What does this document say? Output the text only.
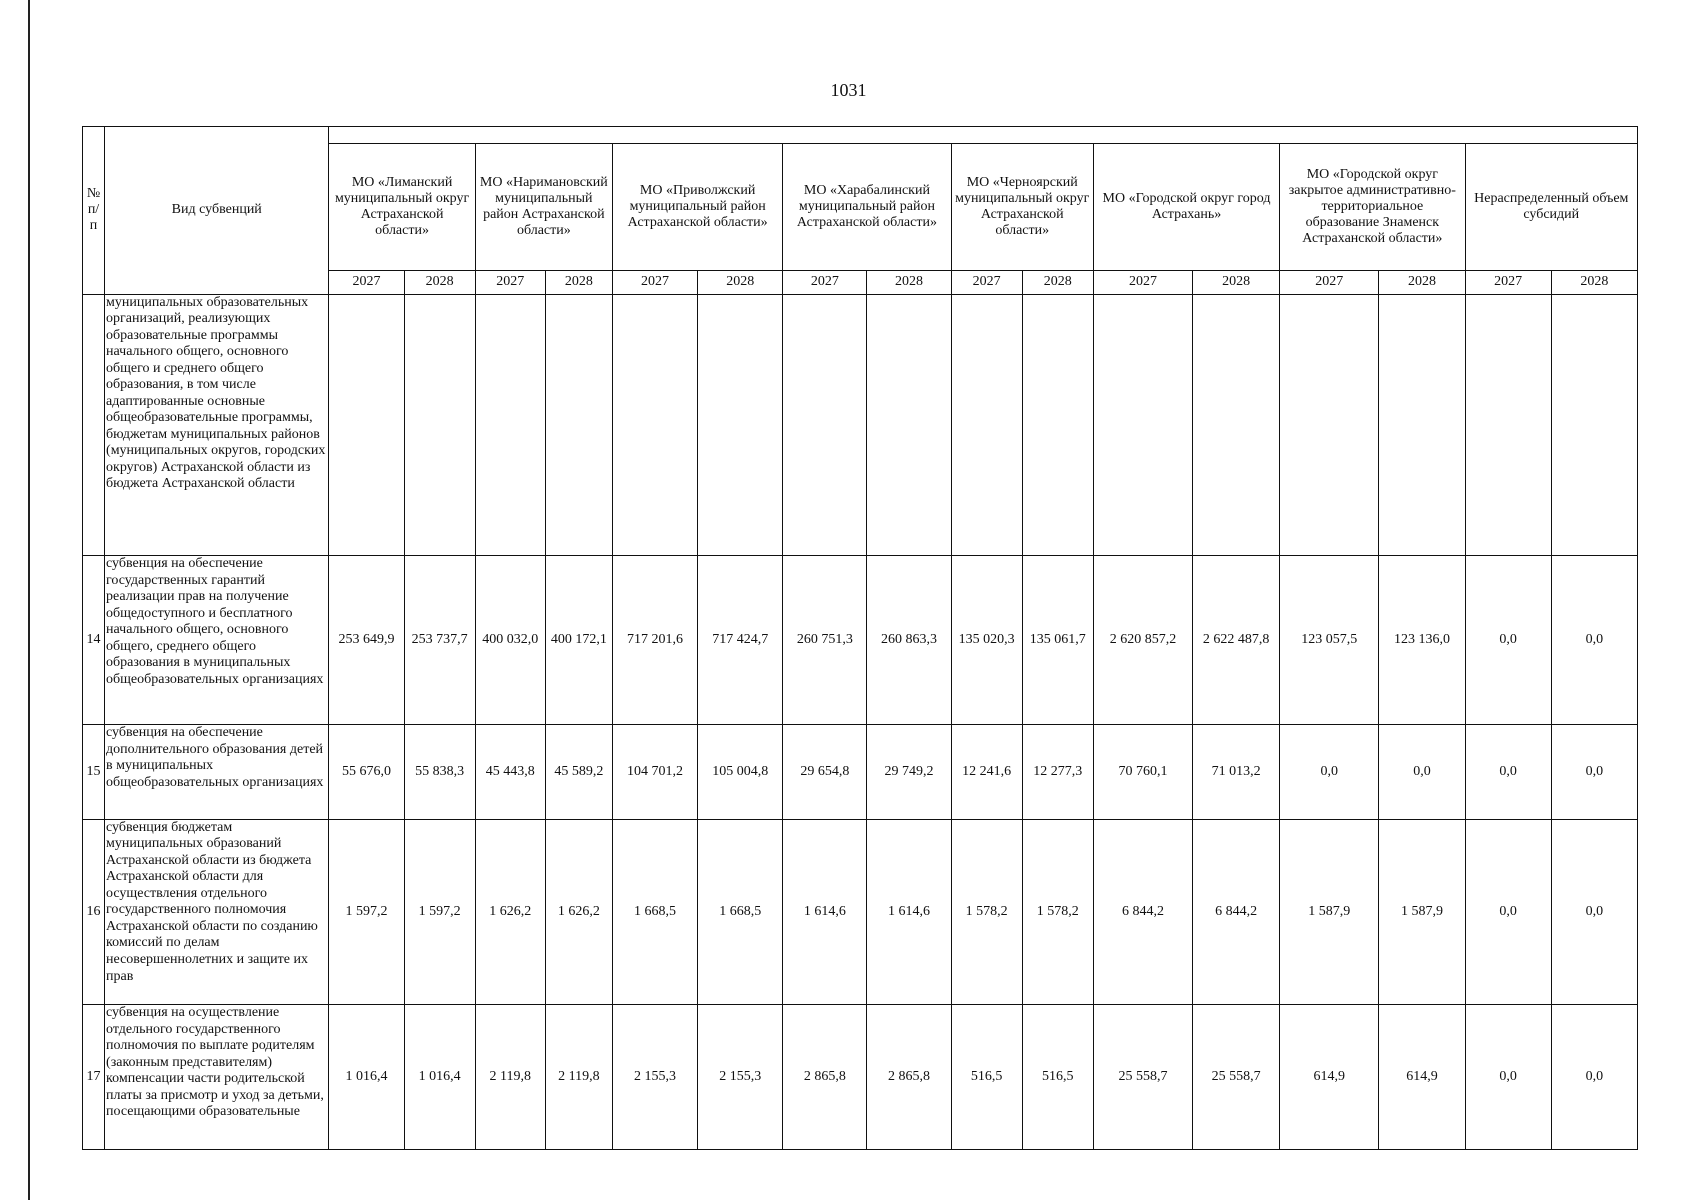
1031
№ п/п	Вид субвенций																
		МО «Лиманский муниципальный округ Астраханской области»		МО «Наримановский муниципальный район Астраханской области»		МО «Приволжский муниципальный район Астраханской области»		МО «Харабалинский муниципальный район Астраханской области»		МО «Черноярский муниципальный округ Астраханской области»		МО «Городской округ город Астрахань»		МО «Городской округ закрытое административно-территориальное образование Знаменск Астраханской области»		Нераспределенный объем субсидий	
		2027	2028	2027	2028	2027	2028	2027	2028	2027	2028	2027	2028	2027	2028	2027	2028
	муниципальных образовательных организаций, реализующих образовательные программы начального общего, основного общего и среднего общего образования, в том числе адаптированные основные общеобразовательные программы, бюджетам муниципальных районов (муниципальных округов, городских округов) Астраханской области из бюджета Астраханской области																
14	субвенция на обеспечение государственных гарантий реализации прав на получение общедоступного и бесплатного начального общего, основного общего, среднего общего образования в муниципальных общеобразовательных организациях	253 649,9	253 737,7	400 032,0	400 172,1	717 201,6	717 424,7	260 751,3	260 863,3	135 020,3	135 061,7	2 620 857,2	2 622 487,8	123 057,5	123 136,0	0,0	0,0
15	субвенция на обеспечение дополнительного образования детей в муниципальных общеобразовательных организациях	55 676,0	55 838,3	45 443,8	45 589,2	104 701,2	105 004,8	29 654,8	29 749,2	12 241,6	12 277,3	70 760,1	71 013,2	0,0	0,0	0,0	0,0
16	субвенция бюджетам муниципальных образований Астраханской области из бюджета Астраханской области для осуществления отдельного государственного полномочия Астраханской области по созданию комиссий по делам несовершеннолетних и защите их прав	1 597,2	1 597,2	1 626,2	1 626,2	1 668,5	1 668,5	1 614,6	1 614,6	1 578,2	1 578,2	6 844,2	6 844,2	1 587,9	1 587,9	0,0	0,0
17	субвенция на осуществление отдельного государственного полномочия по выплате родителям (законным представителям) компенсации части родительской платы за присмотр и уход за детьми, посещающими образовательные	1 016,4	1 016,4	2 119,8	2 119,8	2 155,3	2 155,3	2 865,8	2 865,8	516,5	516,5	25 558,7	25 558,7	614,9	614,9	0,0	0,0
